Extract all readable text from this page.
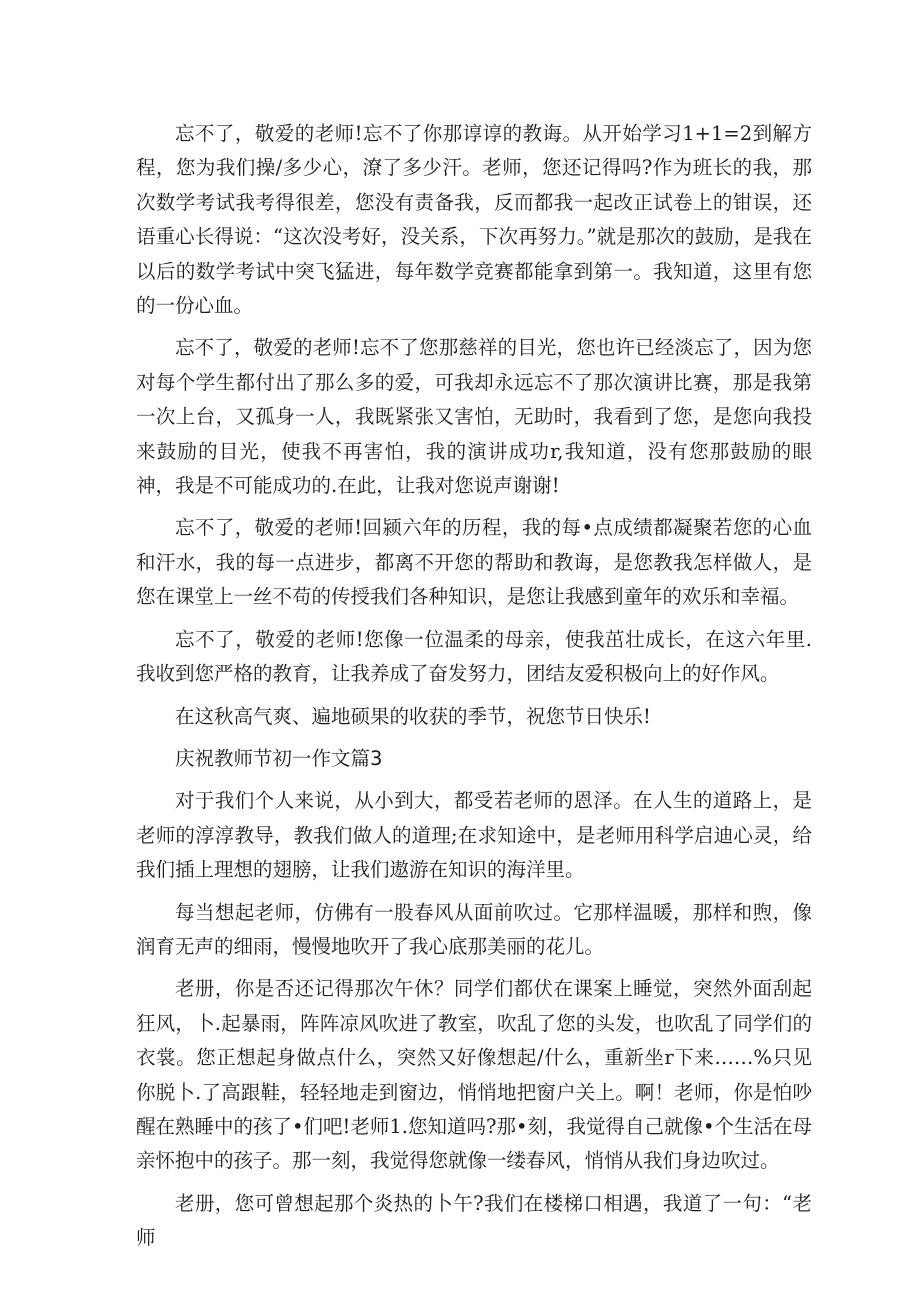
忘不了，敬爱的老师!忘不了你那谆谆的教诲。从开始学习1+1=2到解方程，您为我们操/多少心，潦了多少汗。老师，您还记得吗?作为班长的我，那次数学考试我考得很差，您没有责备我，反而都我一起改正试卷上的钳误，还语重心长得说：“这次没考好，没关系，下次再努力。”就是那次的鼓励，是我在以后的数学考试中突飞猛进，每年数学竞赛都能拿到第一。我知道，这里有您的一份心血。

忘不了，敬爱的老师!忘不了您那慈祥的目光，您也许已经淡忘了，因为您对每个学生都付出了那么多的爱，可我却永远忘不了那次演讲比赛，那是我第一次上台，又孤身一人，我既紧张又害怕，无助时，我看到了您，是您向我投来鼓励的目光，使我不再害怕，我的演讲成功r,我知道，没有您那鼓励的眼神，我是不可能成功的.在此，让我对您说声谢谢!

忘不了，敬爱的老师!回颍六年的历程，我的每•点成绩都凝聚若您的心血和汗水，我的每一点进步，都离不开您的帮助和教诲，是您教我怎样做人，是您在课堂上一丝不苟的传授我们各种知识，是您让我感到童年的欢乐和幸福。

忘不了，敬爱的老师!您像一位温柔的母亲，使我茁壮成长，在这六年里.我收到您严格的教育，让我养成了奋发努力，团结友爱积极向上的好作风。

在这秋高气爽、遍地硕果的收获的季节，祝您节日快乐!

庆祝教师节初一作文篇3

对于我们个人来说，从小到大，都受若老师的恩泽。在人生的道路上，是老师的淳淳教导，教我们做人的道理;在求知途中，是老师用科学启迪心灵，给我们插上理想的翅膀，让我们遨游在知识的海洋里。

每当想起老师，仿佛有一股春风从面前吹过。它那样温暖，那样和煦，像润育无声的细雨，慢慢地吹开了我心底那美丽的花儿。

老册，你是否还记得那次午休？同学们都伏在课案上睡觉，突然外面刮起狂风，卜.起暴雨，阵阵凉风吹进了教室，吹乱了您的头发，也吹乱了同学们的衣裳。您正想起身做点什么，突然又好像想起/什么，重新坐r下来……%只见你脱卜.了高跟鞋，轻轻地走到窗边，悄悄地把窗户关上。啊！老师，你是怕吵醒在熟睡中的孩了•们吧!老师1.您知道吗?那•刻，我觉得自己就像•个生活在母亲怀抱中的孩子。那一刻，我觉得您就像一缕春风，悄悄从我们身边吹过。

老册，您可曾想起那个炎热的卜午?我们在楼梯口相遇，我道了一句：“老师
